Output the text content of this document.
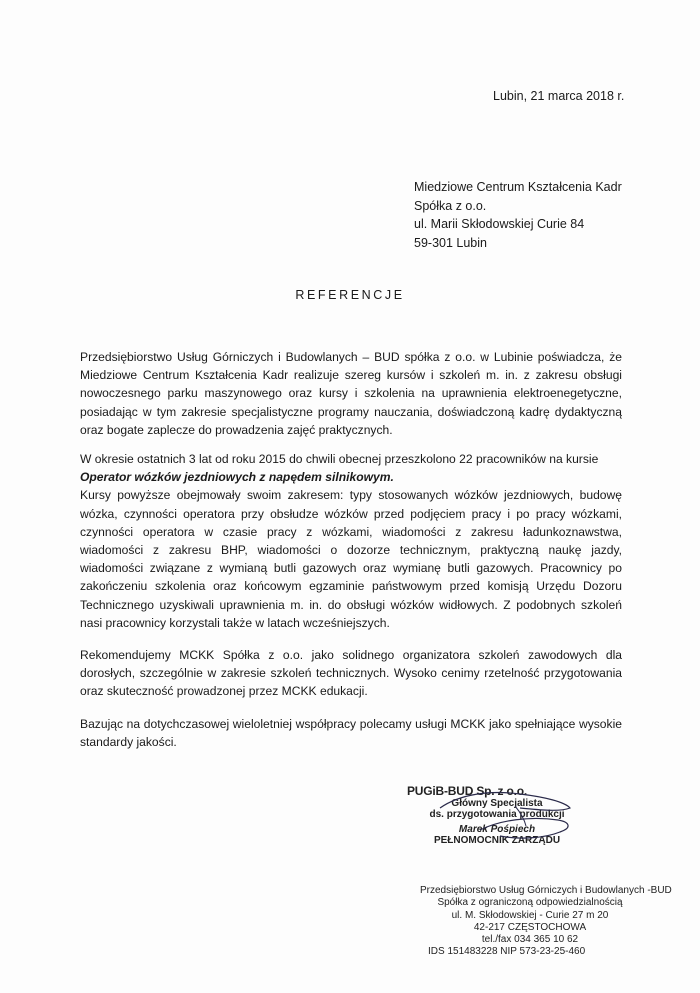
Lubin, 21 marca 2018 r.
Miedziowe Centrum Kształcenia Kadr
Spółka z o.o.
ul. Marii Skłodowskiej Curie 84
59-301 Lubin
REFERENCJE

Przedsiębiorstwo Usług Górniczych i Budowlanych – BUD spółka z o.o. w Lubinie poświadcza, że Miedziowe Centrum Kształcenia Kadr realizuje szereg kursów i szkoleń m. in. z zakresu obsługi nowoczesnego parku maszynowego oraz kursy i szkolenia na uprawnienia elektroenegetyczne, posiadając w tym zakresie specjalistyczne programy nauczania, doświadczoną kadrę dydaktyczną oraz bogate zaplecze do prowadzenia zajęć praktycznych.

W okresie ostatnich 3 lat od roku 2015 do chwili obecnej przeszkolono 22 pracowników na kursie

Operator wózków jezdniowych z napędem silnikowym.

Kursy powyższe obejmowały swoim zakresem: typy stosowanych wózków jezdniowych, budowę wózka, czynności operatora przy obsłudze wózków przed podjęciem pracy i po pracy wózkami, czynności operatora w czasie pracy z wózkami, wiadomości z zakresu ładunkoznawstwa, wiadomości z zakresu BHP, wiadomości o dozorze technicznym, praktyczną naukę jazdy, wiadomości związane z wymianą butli gazowych oraz wymianę butli gazowych. Pracownicy po zakończeniu szkolenia oraz końcowym egzaminie państwowym przed komisją Urzędu Dozoru Technicznego uzyskiwali uprawnienia m. in. do obsługi wózków widłowych. Z podobnych szkoleń nasi pracownicy korzystali także w latach wcześniejszych.

Rekomendujemy MCKK Spółka z o.o. jako solidnego organizatora szkoleń zawodowych dla dorosłych, szczególnie w zakresie szkoleń technicznych. Wysoko cenimy rzetelność przygotowania oraz skuteczność prowadzonej przez MCKK edukacji.

Bazując na dotychczasowej wieloletniej współpracy polecamy usługi MCKK jako spełniające wysokie standardy jakości.

PUGiB-BUD Sp. z o.o.
Główny Specjalista
ds. przygotowania produkcji
Marek Pośpiech
PEŁNOMOCNIK ZARZĄDU
Przedsiębiorstwo Usług Górniczych i Budowlanych -BUD
Spółka z ograniczoną odpowiedzialnością
ul. M. Skłodowskiej - Curie 27 m 20
42-217 CZĘSTOCHOWA
tel./fax 034 365 10 62
IDS 151483228 NIP 573-23-25-460
